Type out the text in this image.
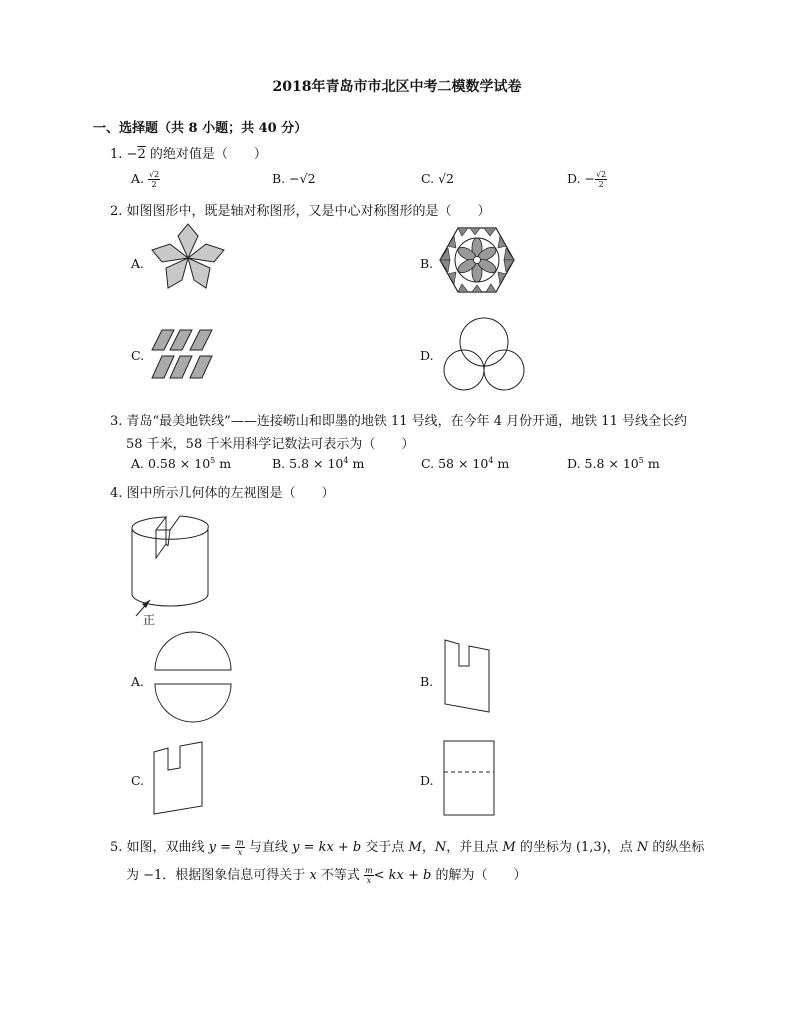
2018年青岛市市北区中考二模数学试卷
一、选择题（共 8 小题；共 40 分）
1. −2 的绝对值是（　　）
A. $\frac{√2}{2}$	B. −√2	C. √2	D. − $\frac{√2}{2}$
2. 如图图形中，既是轴对称图形，又是中心对称图形的是（　　）
A.	B.
C.	D.
3. 青岛“最美地铁线”——连接崂山和即墨的地铁 11 号线，在今年 4 月份开通，地铁 11 号线全长约
58 千米，58 千米用科学记数法可表示为（　　）
A. $0.58 \times 10^5$ m	B. $5.8 \times 10^4$ m	C. $58 \times 10^4$ m	D. $5.8 \times 10^5$ m
4. 图中所示几何体的左视图是（　　）
正
A.	B.
C.	D.
5. 如图，双曲线 $y = \frac{m}{x}$ 与直线 y = kx + b 交于点 M，N，并且点 M 的坐标为 (1,3)，点 N 的纵坐标
为 −1．根据图象信息可得关于 x 不等式 $\frac{m}{x}$ < kx + b 的解为（　　）
